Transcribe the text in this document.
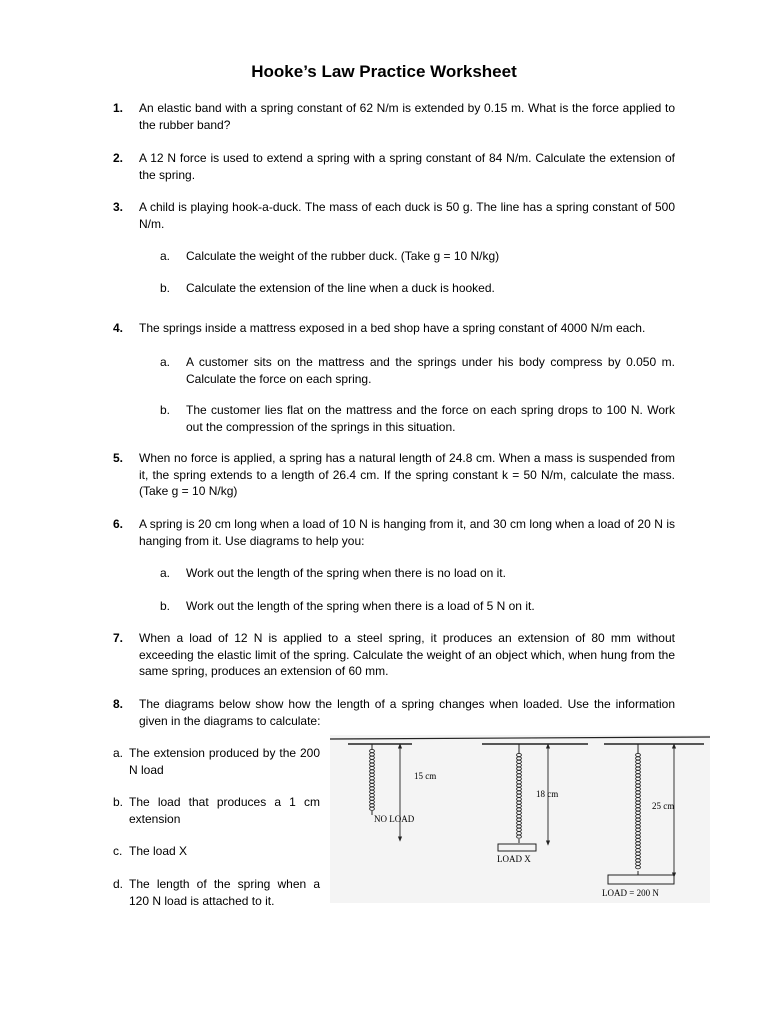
Hooke’s Law Practice Worksheet
1. An elastic band with a spring constant of 62 N/m is extended by 0.15 m. What is the force applied to the rubber band?
2. A 12 N force is used to extend a spring with a spring constant of 84 N/m. Calculate the extension of the spring.
3. A child is playing hook-a-duck. The mass of each duck is 50 g. The line has a spring constant of 500 N/m.
a. Calculate the weight of the rubber duck. (Take g = 10 N/kg)
b. Calculate the extension of the line when a duck is hooked.
4. The springs inside a mattress exposed in a bed shop have a spring constant of 4000 N/m each.
a. A customer sits on the mattress and the springs under his body compress by 0.050 m. Calculate the force on each spring.
b. The customer lies flat on the mattress and the force on each spring drops to 100 N. Work out the compression of the springs in this situation.
5. When no force is applied, a spring has a natural length of 24.8 cm. When a mass is suspended from it, the spring extends to a length of 26.4 cm. If the spring constant k = 50 N/m, calculate the mass. (Take g = 10 N/kg)
6. A spring is 20 cm long when a load of 10 N is hanging from it, and 30 cm long when a load of 20 N is hanging from it. Use diagrams to help you:
a. Work out the length of the spring when there is no load on it.
b. Work out the length of the spring when there is a load of 5 N on it.
7. When a load of 12 N is applied to a steel spring, it produces an extension of 80 mm without exceeding the elastic limit of the spring. Calculate the weight of an object which, when hung from the same spring, produces an extension of 60 mm.
8. The diagrams below show how the length of a spring changes when loaded. Use the information given in the diagrams to calculate:
a. The extension produced by the 200 N load
b. The load that produces a 1 cm extension
c. The load X
d. The length of the spring when a 120 N load is attached to it.
15 cm
NO LOAD
18 cm
LOAD X
25 cm
LOAD = 200 N
